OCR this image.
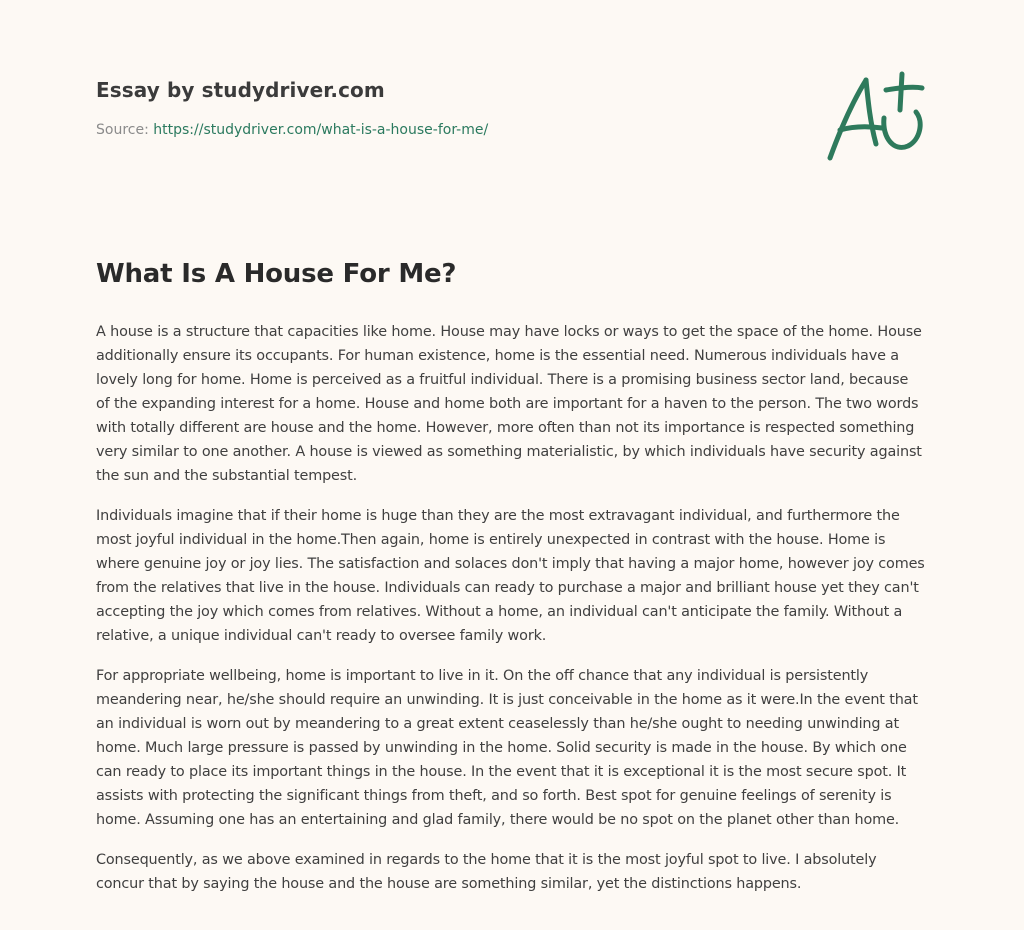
Essay by studydriver.com

Source: https://studydriver.com/what-is-a-house-for-me/
What Is A House For Me?

A house is a structure that capacities like home. House may have locks or ways to get the space of the home. House additionally ensure its occupants. For human existence, home is the essential need. Numerous individuals have a lovely long for home. Home is perceived as a fruitful individual. There is a promising business sector land, because of the expanding interest for a home. House and home both are important for a haven to the person. The two words with totally different are house and the home. However, more often than not its importance is respected something very similar to one another. A house is viewed as something materialistic, by which individuals have security against the sun and the substantial tempest.

Individuals imagine that if their home is huge than they are the most extravagant individual, and furthermore the most joyful individual in the home.Then again, home is entirely unexpected in contrast with the house. Home is where genuine joy or joy lies. The satisfaction and solaces don't imply that having a major home, however joy comes from the relatives that live in the house. Individuals can ready to purchase a major and brilliant house yet they can't accepting the joy which comes from relatives. Without a home, an individual can't anticipate the family. Without a relative, a unique individual can't ready to oversee family work.

For appropriate wellbeing, home is important to live in it. On the off chance that any individual is persistently meandering near, he/she should require an unwinding. It is just conceivable in the home as it were.In the event that an individual is worn out by meandering to a great extent ceaselessly than he/she ought to needing unwinding at home. Much large pressure is passed by unwinding in the home. Solid security is made in the house. By which one can ready to place its important things in the house. In the event that it is exceptional it is the most secure spot. It assists with protecting the significant things from theft, and so forth. Best spot for genuine feelings of serenity is home. Assuming one has an entertaining and glad family, there would be no spot on the planet other than home.

Consequently, as we above examined in regards to the home that it is the most joyful spot to live. I absolutely concur that by saying the house and the house are something similar, yet the distinctions happens.
